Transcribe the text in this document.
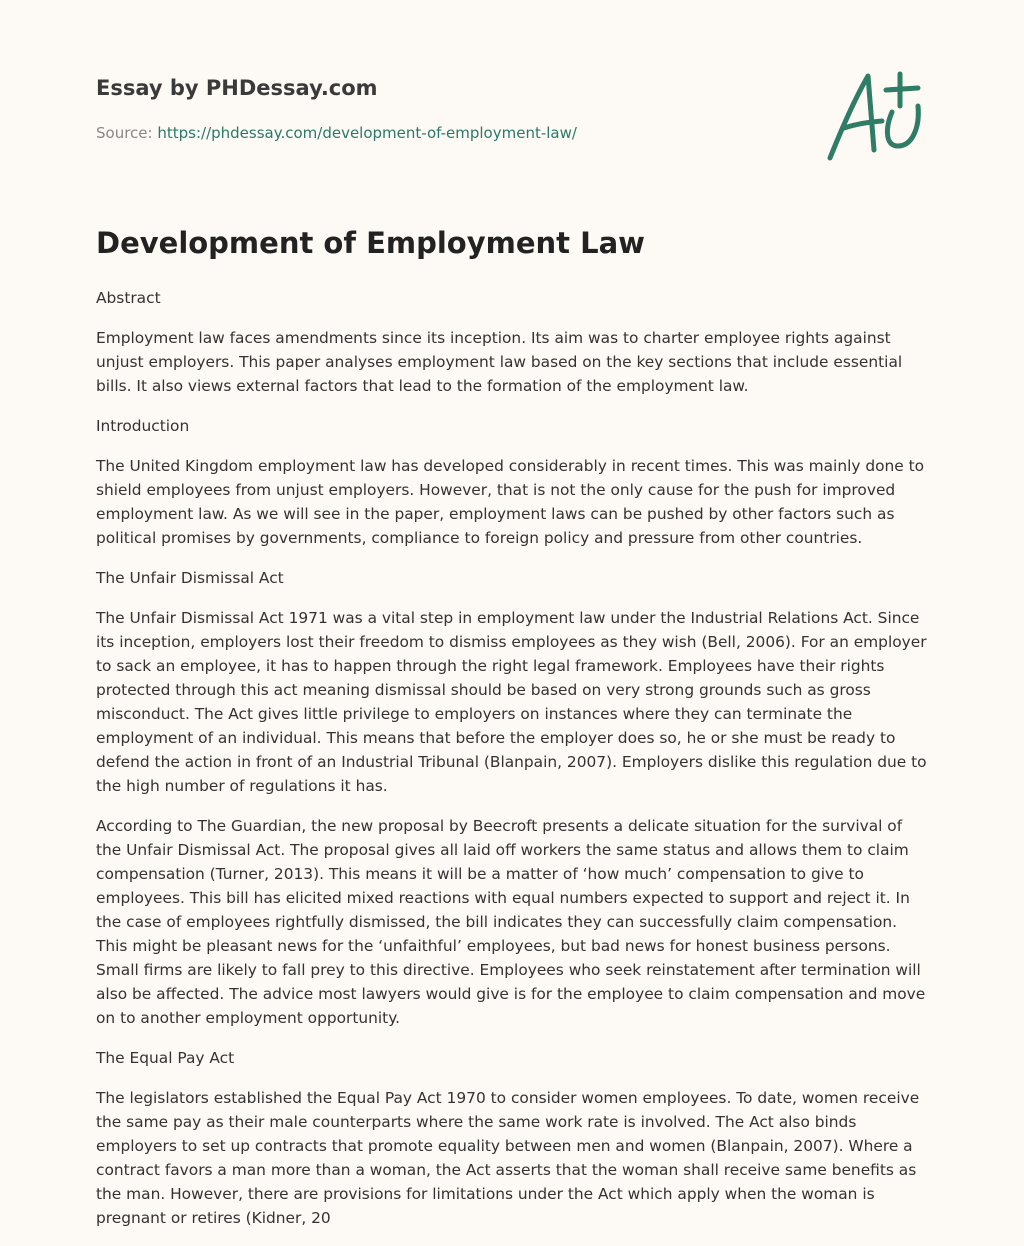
Essay by PHDessay.com
Source: https://phdessay.com/development-of-employment-law/
Development of Employment Law

Abstract

Employment law faces amendments since its inception. Its aim was to charter employee rights against unjust employers. This paper analyses employment law based on the key sections that include essential bills. It also views external factors that lead to the formation of the employment law.

Introduction

The United Kingdom employment law has developed considerably in recent times. This was mainly done to shield employees from unjust employers. However, that is not the only cause for the push for improved employment law. As we will see in the paper, employment laws can be pushed by other factors such as political promises by governments, compliance to foreign policy and pressure from other countries.

The Unfair Dismissal Act

The Unfair Dismissal Act 1971 was a vital step in employment law under the Industrial Relations Act. Since its inception, employers lost their freedom to dismiss employees as they wish (Bell, 2006). For an employer to sack an employee, it has to happen through the right legal framework. Employees have their rights protected through this act meaning dismissal should be based on very strong grounds such as gross misconduct. The Act gives little privilege to employers on instances where they can terminate the employment of an individual. This means that before the employer does so, he or she must be ready to defend the action in front of an Industrial Tribunal (Blanpain, 2007). Employers dislike this regulation due to the high number of regulations it has.

According to The Guardian, the new proposal by Beecroft presents a delicate situation for the survival of the Unfair Dismissal Act. The proposal gives all laid off workers the same status and allows them to claim compensation (Turner, 2013). This means it will be a matter of ‘how much’ compensation to give to employees. This bill has elicited mixed reactions with equal numbers expected to support and reject it. In the case of employees rightfully dismissed, the bill indicates they can successfully claim compensation. This might be pleasant news for the ‘unfaithful’ employees, but bad news for honest business persons. Small firms are likely to fall prey to this directive. Employees who seek reinstatement after termination will also be affected. The advice most lawyers would give is for the employee to claim compensation and move on to another employment opportunity.

The Equal Pay Act

The legislators established the Equal Pay Act 1970 to consider women employees. To date, women receive the same pay as their male counterparts where the same work rate is involved. The Act also binds employers to set up contracts that promote equality between men and women (Blanpain, 2007). Where a contract favors a man more than a woman, the Act asserts that the woman shall receive same benefits as the man. However, there are provisions for limitations under the Act which apply when the woman is pregnant or retires (Kidner, 20
